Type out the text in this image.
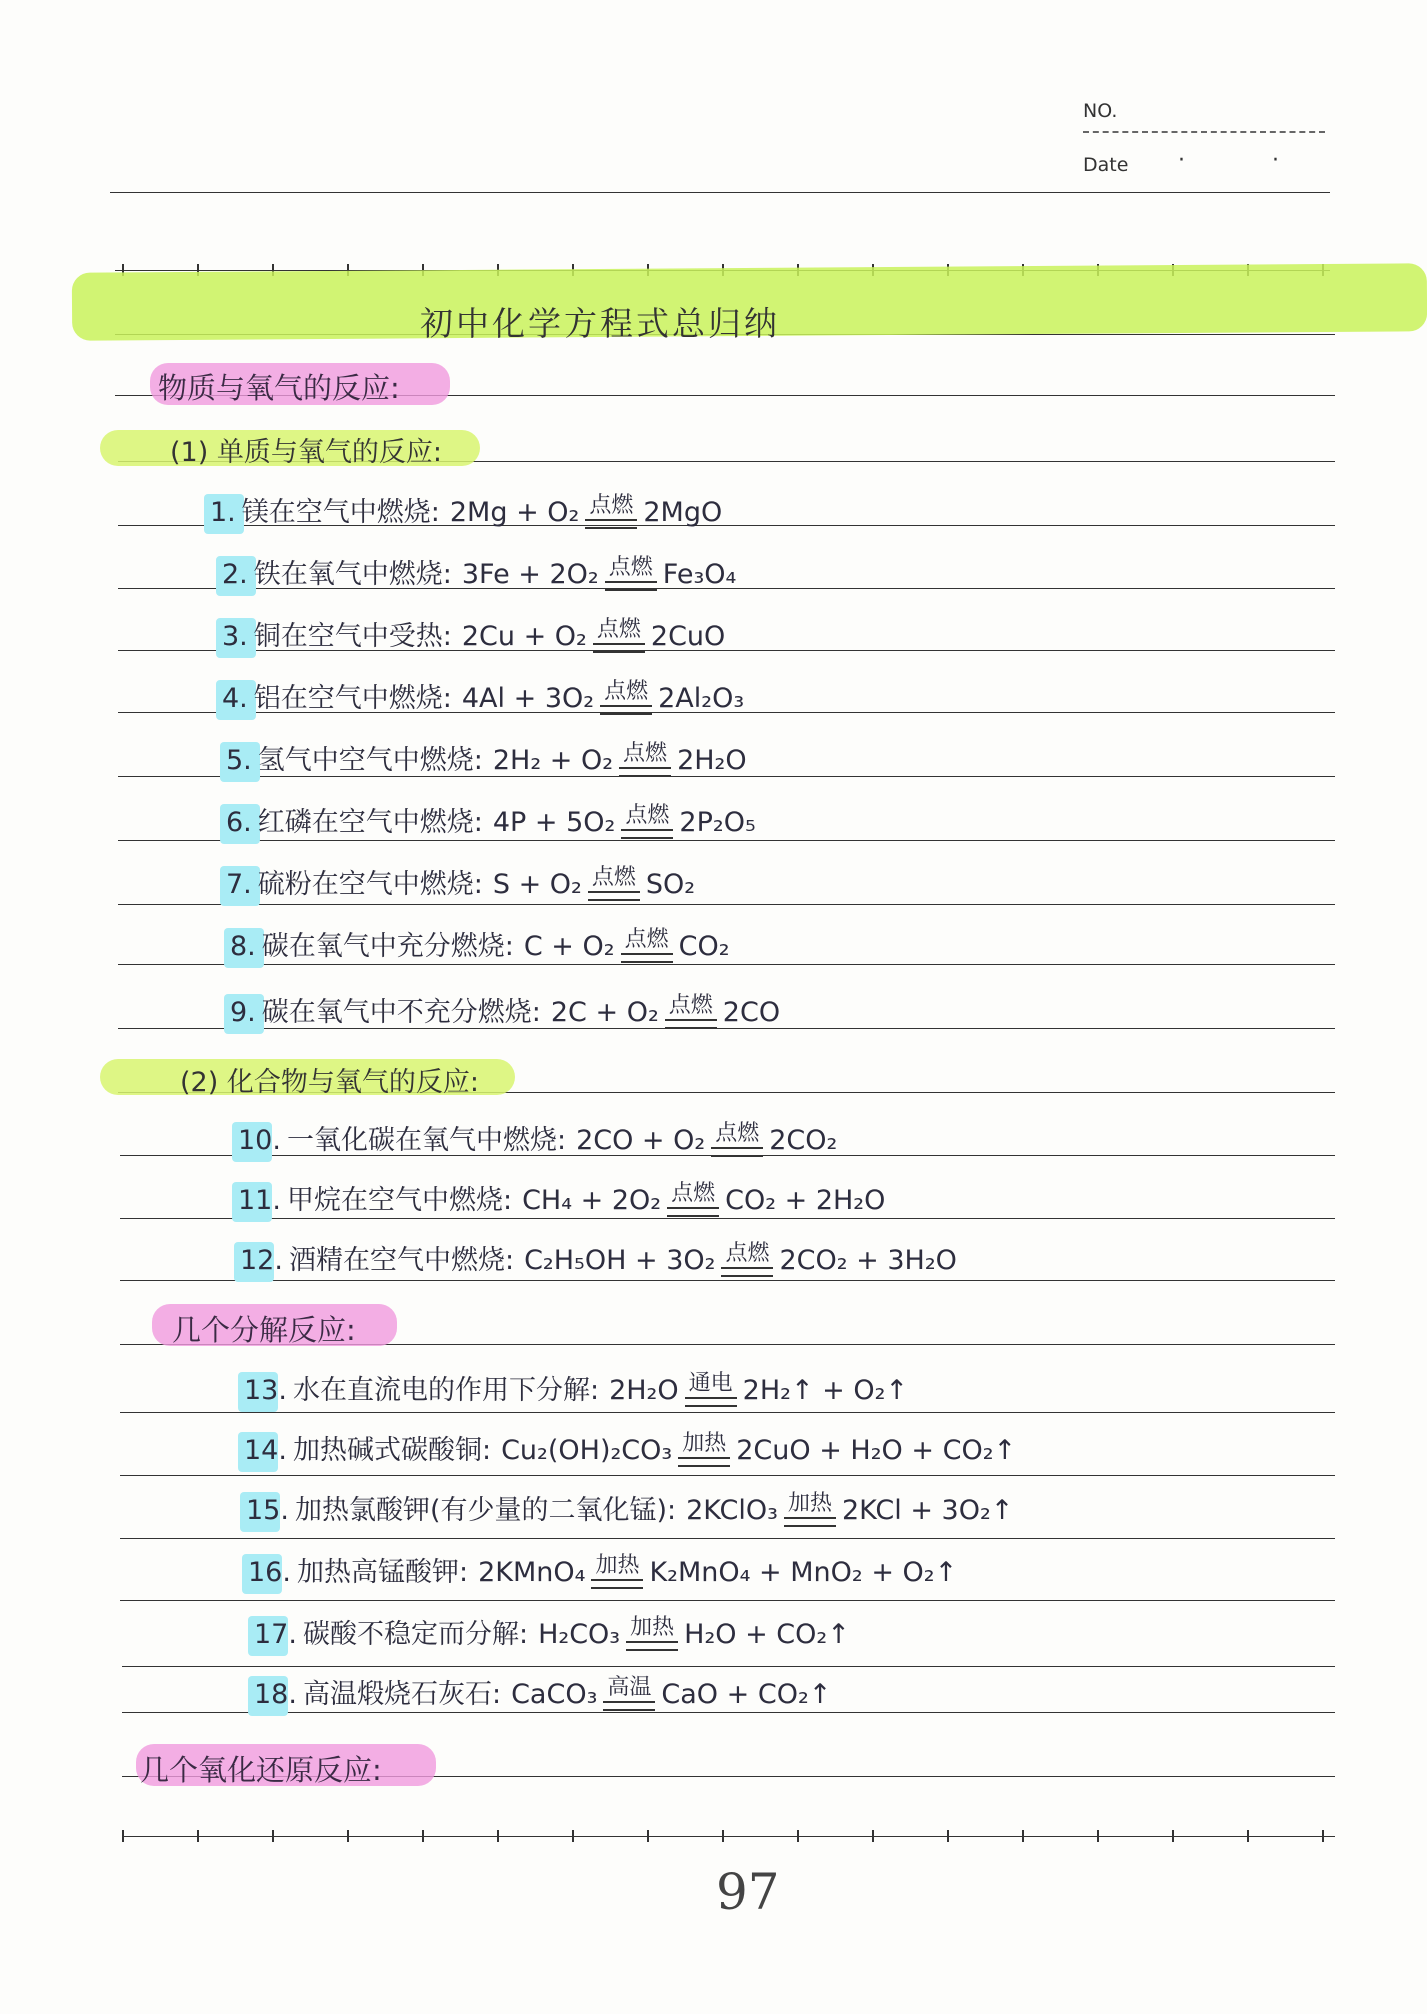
NO.
Date · ·
初中化学方程式总归纳
物质与氧气的反应:
(1) 单质与氧气的反应:
(2) 化合物与氧气的反应:
几个分解反应:
几个氧化还原反应:
1. 镁在空气中燃烧: 2Mg + O₂ 点燃 2MgO
2. 铁在氧气中燃烧: 3Fe + 2O₂ 点燃 Fe₃O₄
3. 铜在空气中受热: 2Cu + O₂ 点燃 2CuO
4. 铝在空气中燃烧: 4Al + 3O₂ 点燃 2Al₂O₃
5. 氢气中空气中燃烧: 2H₂ + O₂ 点燃 2H₂O
6. 红磷在空气中燃烧: 4P + 5O₂ 点燃 2P₂O₅
7. 硫粉在空气中燃烧: S + O₂ 点燃 SO₂
8. 碳在氧气中充分燃烧: C + O₂ 点燃 CO₂
9. 碳在氧气中不充分燃烧: 2C + O₂ 点燃 2CO
10. 一氧化碳在氧气中燃烧: 2CO + O₂ 点燃 2CO₂
11. 甲烷在空气中燃烧: CH₄ + 2O₂ 点燃 CO₂ + 2H₂O
12. 酒精在空气中燃烧: C₂H₅OH + 3O₂ 点燃 2CO₂ + 3H₂O
13. 水在直流电的作用下分解: 2H₂O 通电 2H₂↑ + O₂↑
14. 加热碱式碳酸铜: Cu₂(OH)₂CO₃ 加热 2CuO + H₂O + CO₂↑
15. 加热氯酸钾(有少量的二氧化锰): 2KClO₃ 加热 2KCl + 3O₂↑
16. 加热高锰酸钾: 2KMnO₄ 加热 K₂MnO₄ + MnO₂ + O₂↑
17. 碳酸不稳定而分解: H₂CO₃ 加热 H₂O + CO₂↑
18. 高温煅烧石灰石: CaCO₃ 高温 CaO + CO₂↑
97
